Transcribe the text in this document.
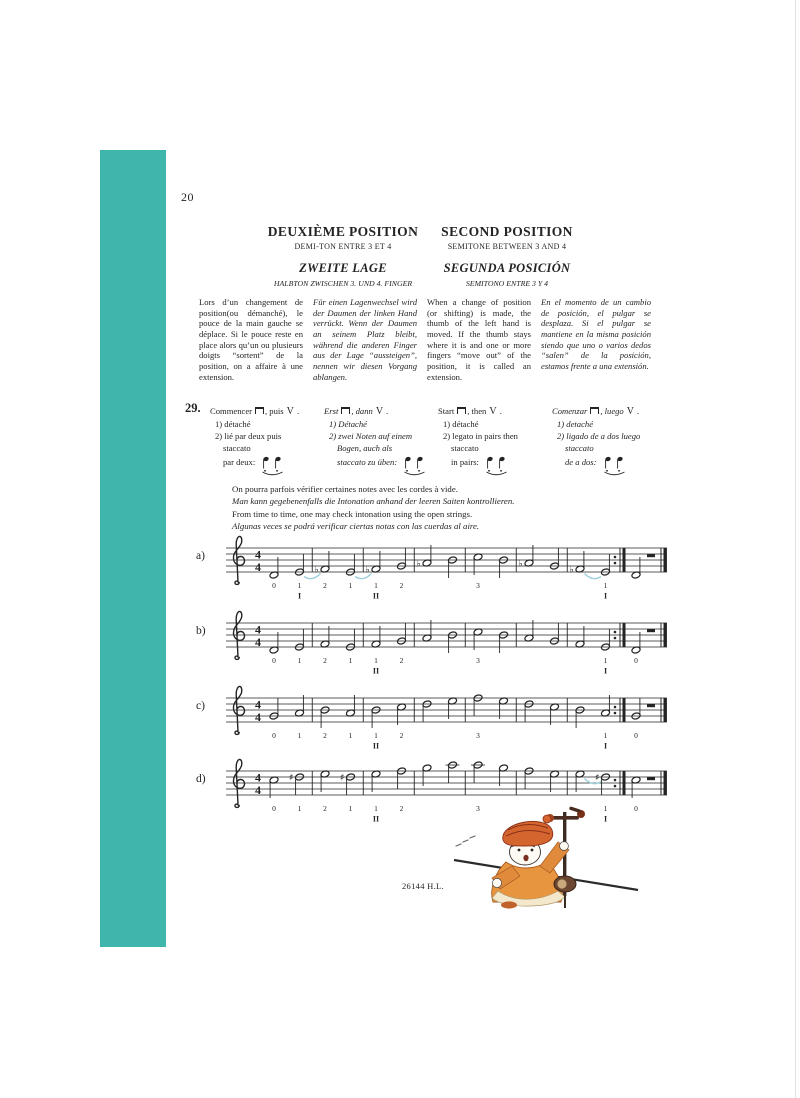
20
DEUXIÈME POSITION
DEMI-TON ENTRE 3 ET 4
ZWEITE LAGE
HALBTON ZWISCHEN 3. UND 4. FINGER
SECOND POSITION
SEMITONE BETWEEN 3 AND 4
SEGUNDA POSICIÓN
SEMITONO ENTRE 3 Y 4
Lors d’un changement de position(ou démanché), le pouce de la main gauche se déplace. Si le pouce reste en place alors qu’un ou plusieurs doigts “sortent” de la position, on a affaire à une extension.
Für einen Lagenwechsel wird der Daumen der linken Hand verrückt. Wenn der Daumen an seinem Platz bleibt, während die anderen Finger aus der Lage “aussteigen”, nennen wir diesen Vorgang ablangen.
When a change of position (or shifting) is made, the thumb of the left hand is moved. If the thumb stays where it is and one or more fingers “move out” of the position, it is called an extension.
En el momento de un cambio de posición, el pulgar se desplaza. Si el pulgar se mantiene en la misma posición siendo que uno o varios dedos “salen” de la posición, estamos frente a una extensión.
29. Commencer , puis V .
1) détaché
2) lié par deux puis
staccato
par deux:
Erst , dann V .
1) Détaché
2) zwei Noten auf einem
Bogen, auch als
staccato zu üben:
Start , then V .
1) détaché
2) legato in pairs then
staccato
in pairs:
Comenzar , luego V .
1) detaché
2) ligado de a dos luego
staccato
de a dos:
On pourra parfois vérifier certaines notes avec les cordes à vide.
Man kann gegebenenfalls die Intonation anhand der leeren Saiten kontrollieren.
From time to time, one may check intonation using the open strings.
Algunas veces se podrá verificar ciertas notas con las cuerdas al aire.
a)	4
4
0	1
I
♭
2	1
♭
1
II
2
♭
3
♭
♭
1
I
b)	4
4
0	1	2	1	1
II
2	3	1
I
0
c)	4
4
0	1	2	1	1
II
2	3	1
I
0
d)	4
4
0
♯
1	2
♯
1	1
II
2	3
♯
1
I
0
26144 H.L.
